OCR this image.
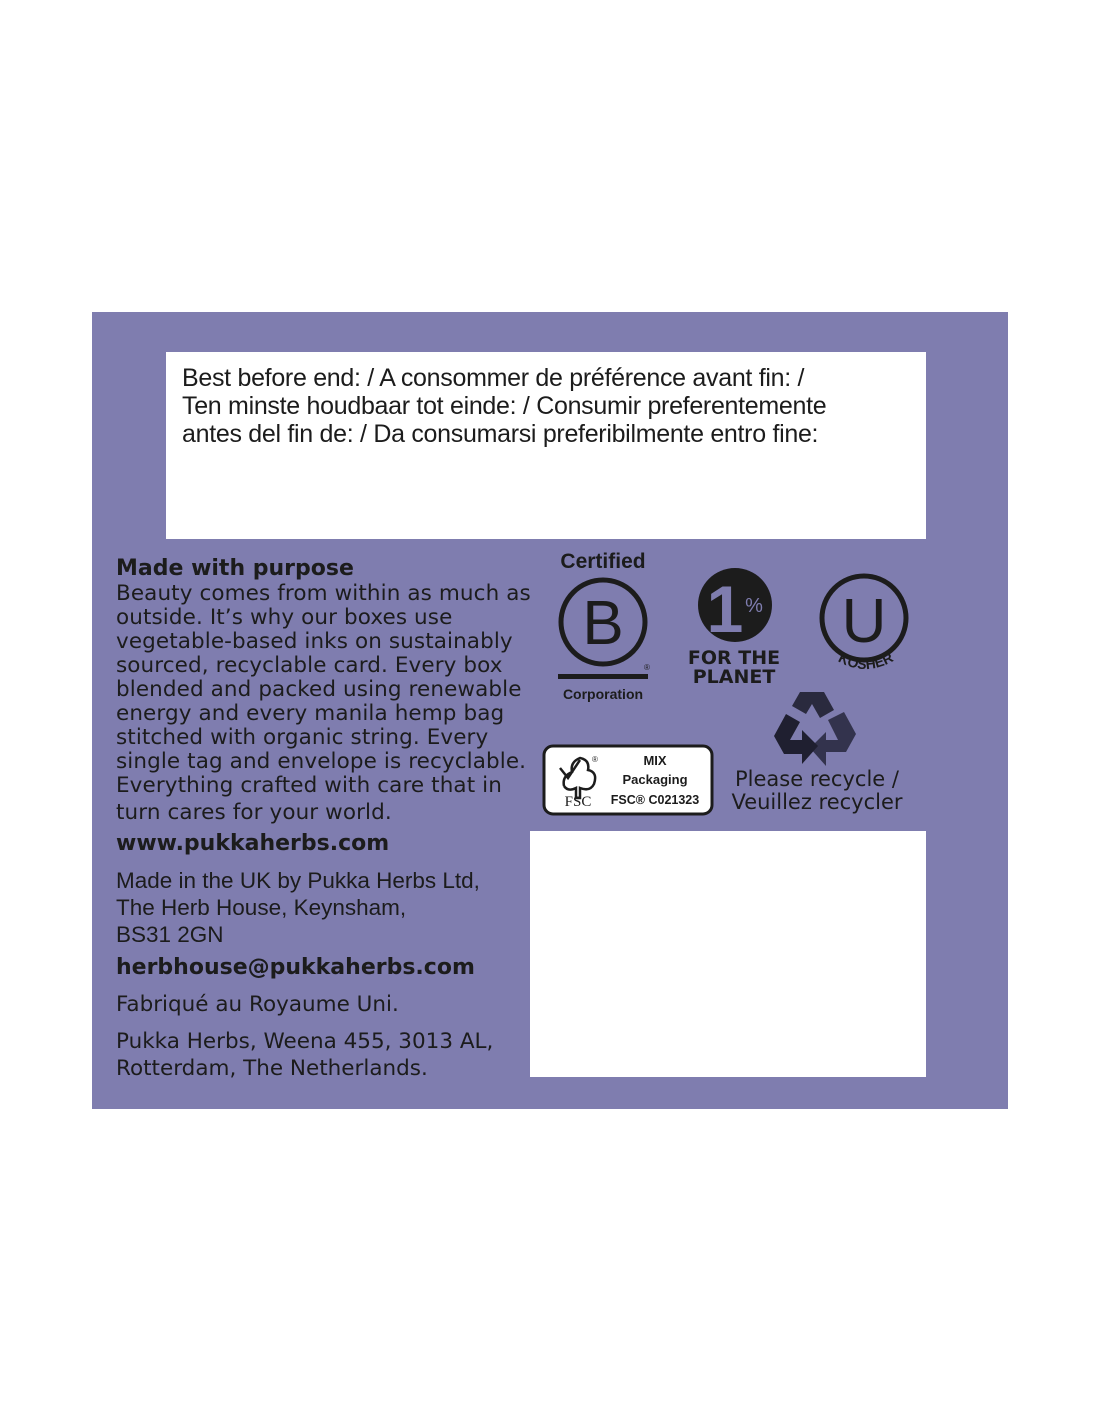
Best before end: / A consommer de préférence avant fin: /
Ten minste houdbaar tot einde: / Consumir preferentemente
antes del fin de: / Da consumarsi preferibilmente entro fine:

Made with purpose

Beauty comes from within as much as
outside. It’s why our boxes use
vegetable-based inks on sustainably
sourced, recyclable card. Every box
blended and packed using renewable
energy and every manila hemp bag
stitched with organic string. Every
single tag and envelope is recyclable.
Everything crafted with care that in
turn cares for your world.
www.pukkaherbs.com
Made in the UK by Pukka Herbs Ltd,
The Herb House, Keynsham,
BS31 2GN
herbhouse@pukkaherbs.com
Fabriqué au Royaume Uni.
Pukka Herbs, Weena 455, 3013 AL,
Rotterdam, The Netherlands.
Certified
B
®
Corporation
1 %
FOR THE
PLANET
U
KOSHER
®
FSC
MIX
Packaging
FSC® C021323
Please recycle /
Veuillez recycler
